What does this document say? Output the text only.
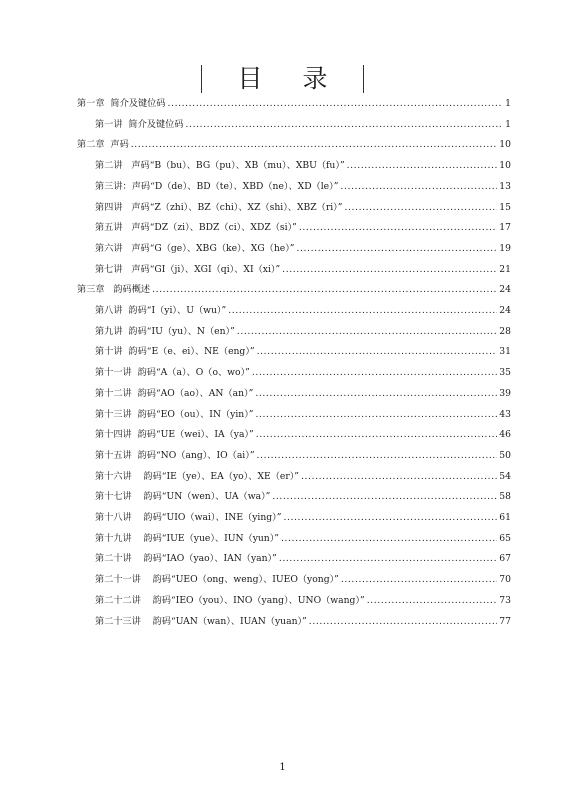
目 录
第一章  简介及键位码 .....	1
第一讲  简介及键位码 .....	1
第二章  声码 .....	10
第二讲   声码“B（bu）、BG（pu）、XB（mu）、XBU（fu）” .....	10
第三讲：声码“D（de）、BD（te）、XBD（ne）、XD（le）” .....	13
第四讲   声码“Z（zhi）、BZ（chi）、XZ（shi）、XBZ（ri）” .....	15
第五讲   声码“DZ（zi）、BDZ（ci）、XDZ（si）” .....	17
第六讲   声码“G（ge）、XBG（ke）、XG（he）” .....	19
第七讲   声码“GI（ji）、XGI（qi）、XI（xi）” .....	21
第三章   韵码概述 .....	24
第八讲  韵码“I（yi）、U（wu）” .....	24
第九讲  韵码“IU（yu）、N（en）” .....	28
第十讲  韵码“E（e、ei）、NE（eng）” .....	31
第十一讲  韵码“A（a）、O（o、wo）” .....	35
第十二讲  韵码“AO（ao）、AN（an）” .....	39
第十三讲  韵码“EO（ou）、IN（yin）” .....	43
第十四讲  韵码“UE（wei）、IA（ya）” .....	46
第十五讲  韵码“NO（ang）、IO（ai）” .....	50
第十六讲    韵码“IE（ye）、EA（yo）、XE（er）” .....	54
第十七讲    韵码“UN（wen）、UA（wa）” .....	58
第十八讲    韵码“UIO（wai）、INE（ying）” .....	61
第十九讲    韵码“IUE（yue）、IUN（yun）” .....	65
第二十讲    韵码“IAO（yao）、IAN（yan）” .....	67
第二十一讲    韵码“UEO（ong、weng）、IUEO（yong）” .....	70
第二十二讲    韵码“IEO（you）、INO（yang）、UNO（wang）” .....	73
第二十三讲    韵码“UAN（wan）、IUAN（yuan）” .....	77
1
